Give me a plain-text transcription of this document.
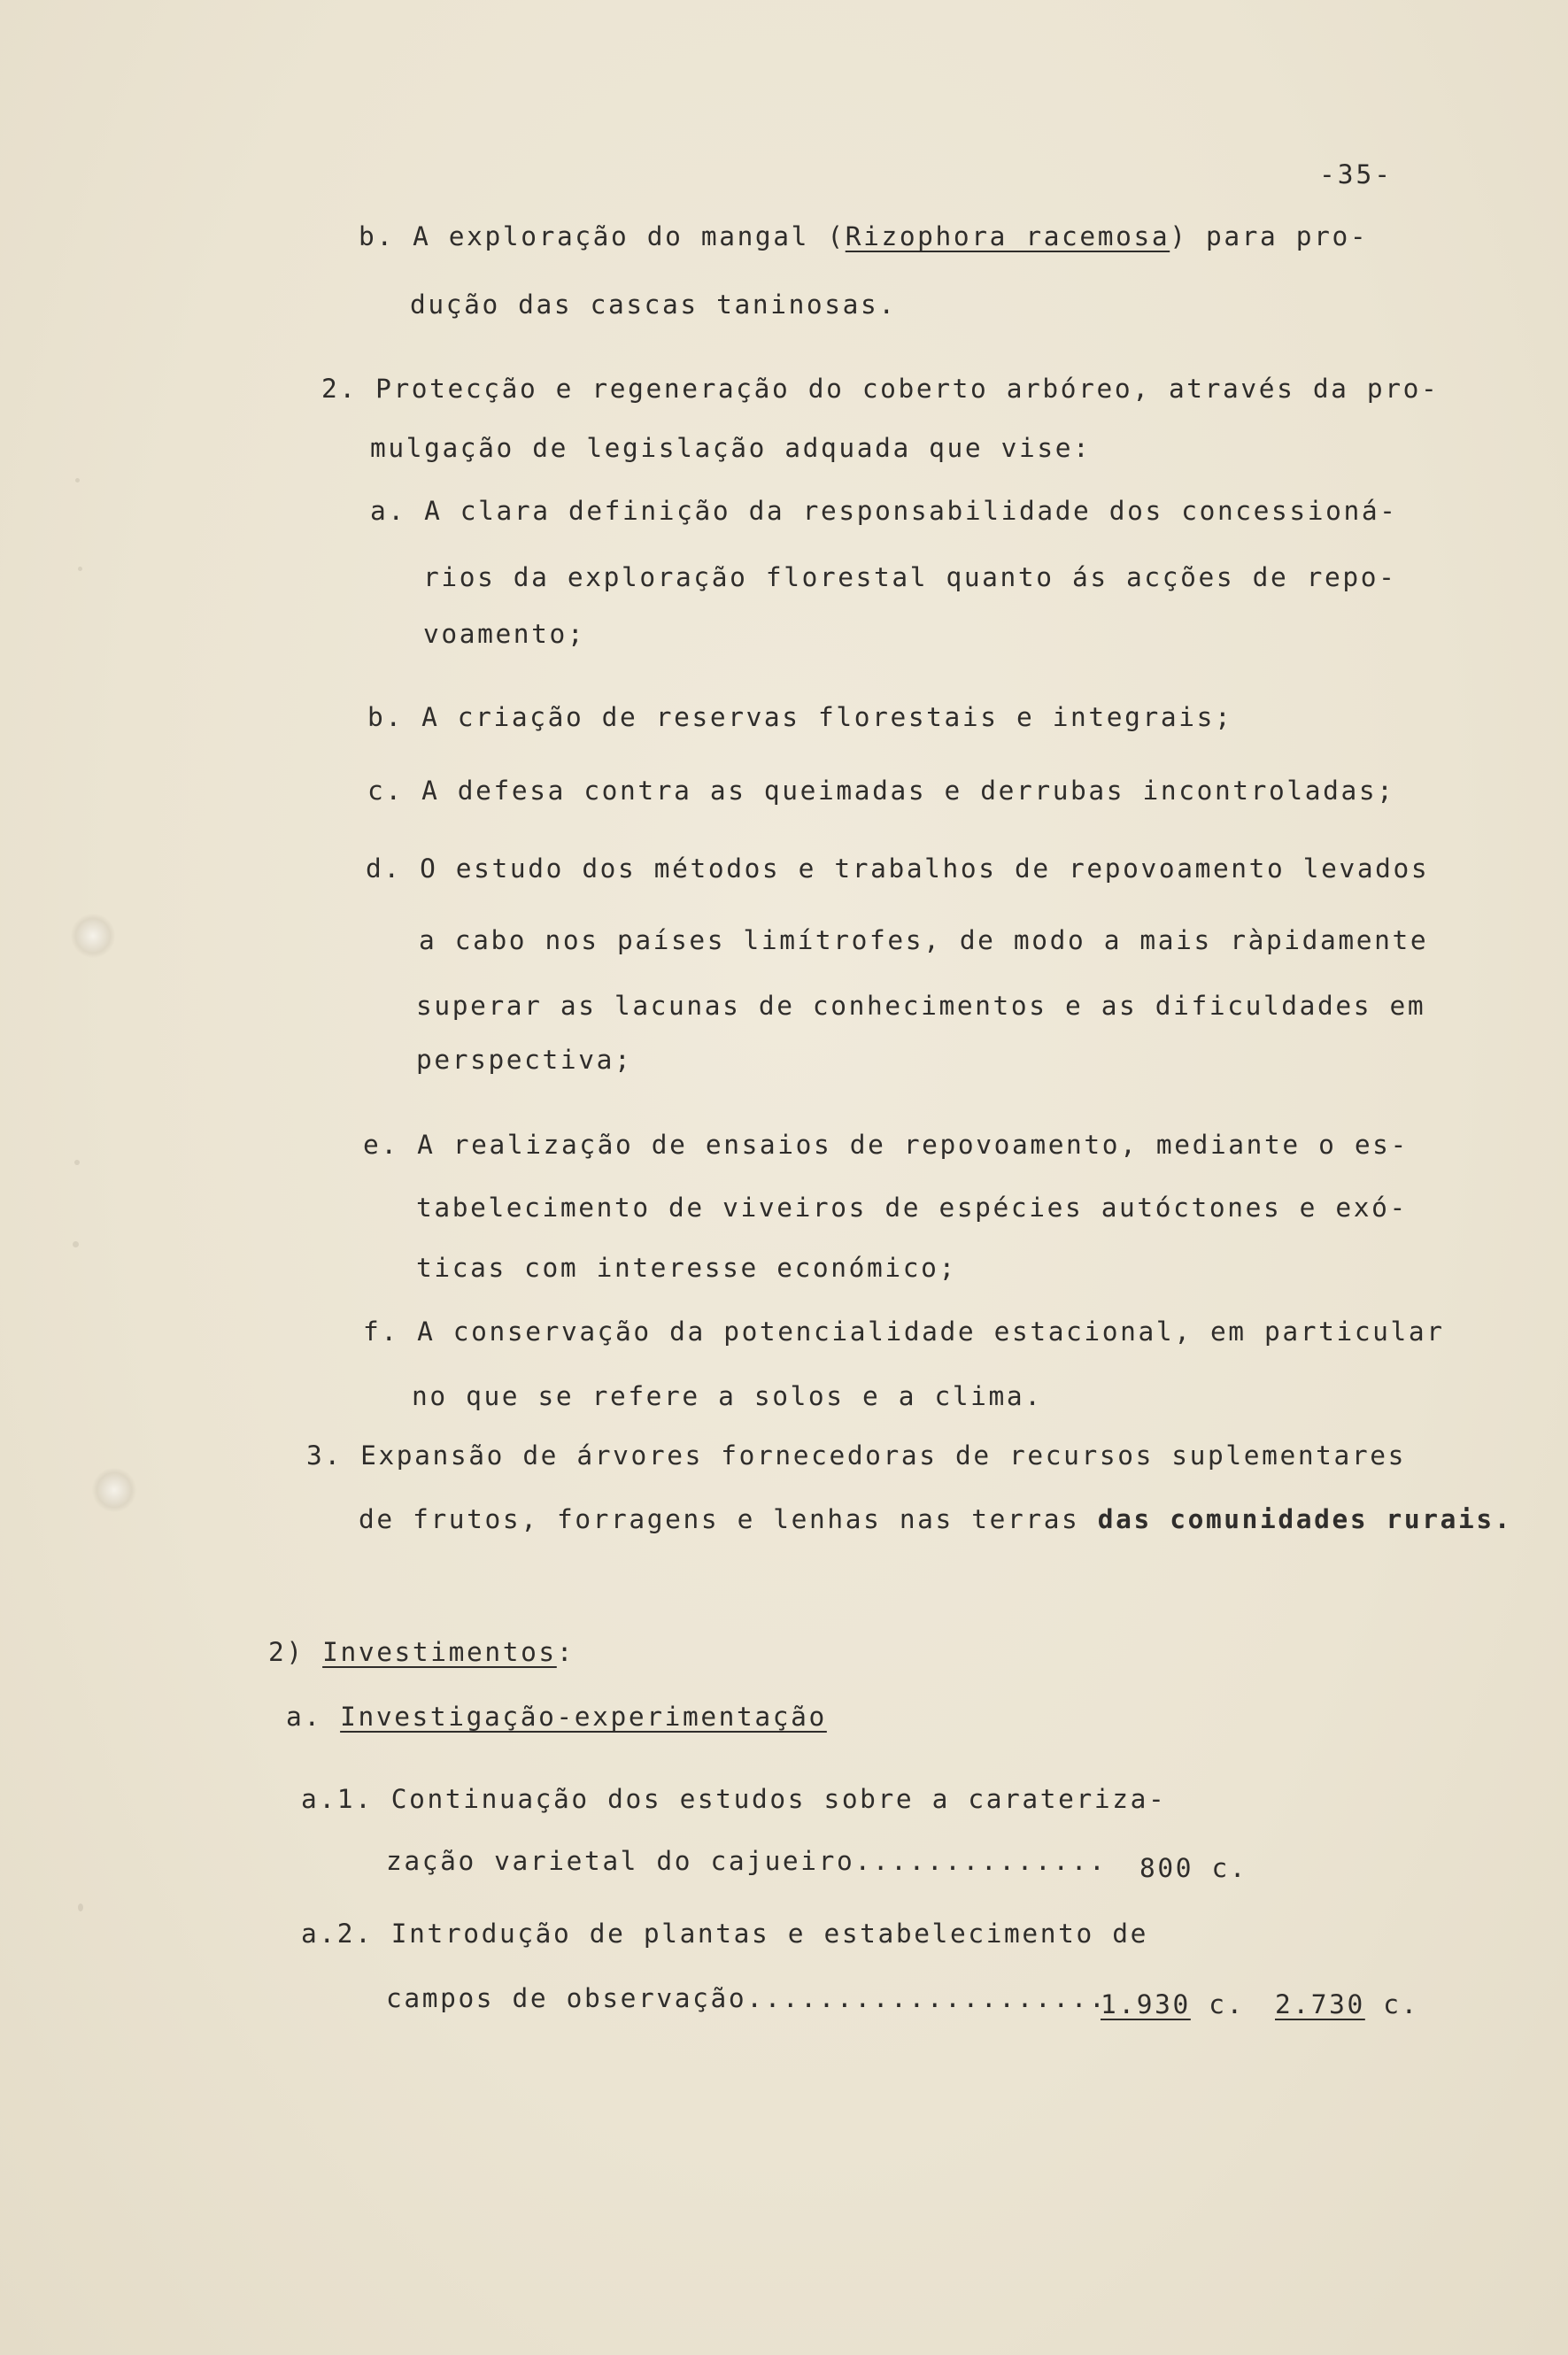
-35-
b. A exploração do mangal (Rizophora racemosa) para pro-
dução das cascas taninosas.
2. Protecção e regeneração do coberto arbóreo, através da pro-
mulgação de legislação adquada que vise:
a. A clara definição da responsabilidade dos concessioná-
rios da exploração florestal quanto ás acções de repo-
voamento;
b. A criação de reservas florestais e integrais;
c. A defesa contra as queimadas e derrubas incontroladas;
d. O estudo dos métodos e trabalhos de repovoamento levados
a cabo nos países limítrofes, de modo a mais ràpidamente
superar as lacunas de conhecimentos e as dificuldades em
perspectiva;
e. A realização de ensaios de repovoamento, mediante o es-
tabelecimento de viveiros de espécies autóctones e exó-
ticas com interesse económico;
f. A conservação da potencialidade estacional, em particular
no que se refere a solos e a clima.
3. Expansão de árvores fornecedoras de recursos suplementares
de frutos, forragens e lenhas nas terras das comunidades rurais.
2) Investimentos:
a. Investigação-experimentação
a.1. Continuação dos estudos sobre a carateriza-
zação varietal do cajueiro.............. 800 c.
a.2. Introdução de plantas e estabelecimento de
campos de observação....................
1.930 c.	2.730 c.
